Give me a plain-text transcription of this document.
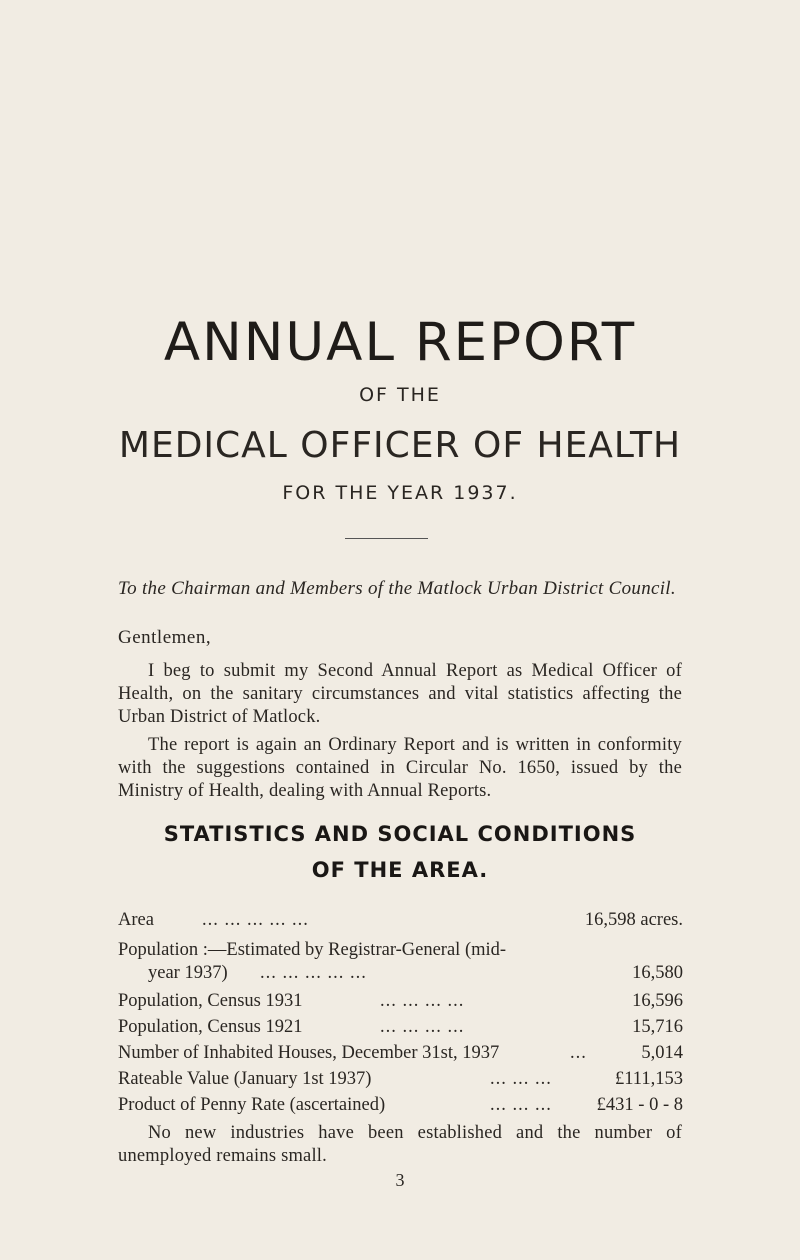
ANNUAL REPORT
OF THE
MEDICAL OFFICER OF HEALTH
FOR THE YEAR 1937.
To the Chairman and Members of the Matlock Urban District Council.
Gentlemen,
I beg to submit my Second Annual Report as Medical Officer of Health, on the sanitary circumstances and vital statistics affecting the Urban District of Matlock.
The report is again an Ordinary Report and is written in conformity with the suggestions contained in Circular No. 1650, issued by the Ministry of Health, dealing with Annual Reports.
STATISTICS AND SOCIAL CONDITIONS
OF THE AREA.
Area	... ... ... ... ...	16,598 acres.
Population :—Estimated by Registrar-General (mid-
year 1937) ... ... ... ... ...	16,580
Population, Census 1931	... ... ... ...	16,596
Population, Census 1921	... ... ... ...	15,716
Number of Inhabited Houses, December 31st, 1937	...	5,014
Rateable Value (January 1st 1937)	... ... ...	£111,153
Product of Penny Rate (ascertained)	... ... ... £431 - 0 - 8
No new industries have been established and the number of unemployed remains small.
3
